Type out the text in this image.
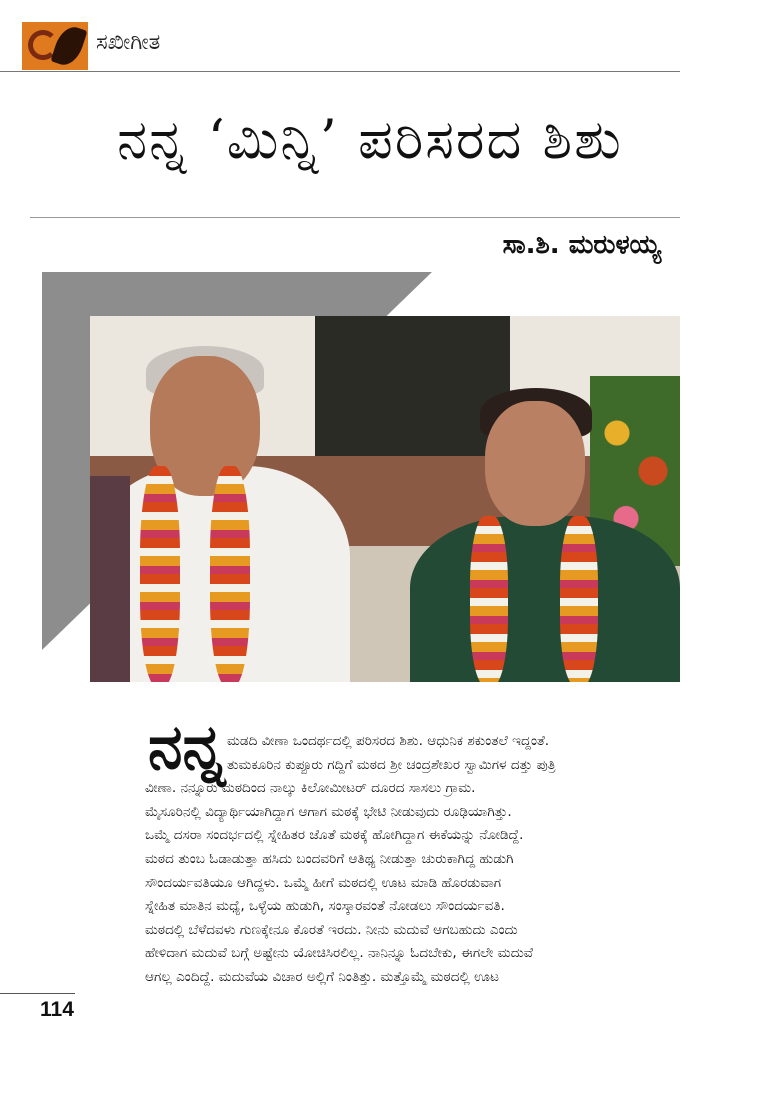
ಸಖೀಗೀತ
ನನ್ನ ‘ಮಿನ್ನಿ’ ಪರಿಸರದ ಶಿಶು
ಸಾ.ಶಿ. ಮರುಳಯ್ಯ
ನನ್ನ ಮಡದಿ ವೀಣಾ ಒಂದರ್ಥದಲ್ಲಿ ಪರಿಸರದ ಶಿಶು. ಆಧುನಿಕ ಶಕುಂತಲೆ ಇದ್ದಂತೆ.
ತುಮಕೂರಿನ ಕುಪ್ಪೂರು ಗದ್ದಿಗೆ ಮಠದ ಶ್ರೀ ಚಂದ್ರಶೇಖರ ಸ್ವಾಮಿಗಳ ದತ್ತು ಪುತ್ರಿ
ವೀಣಾ. ನನ್ನೂರು ಮಠದಿಂದ ನಾಲ್ಕು ಕಿಲೋಮೀಟರ್ ದೂರದ ಸಾಸಲು ಗ್ರಾಮ.
ಮೈಸೂರಿನಲ್ಲಿ ವಿದ್ಯಾರ್ಥಿಯಾಗಿದ್ದಾಗ ಆಗಾಗ ಮಠಕ್ಕೆ ಭೇಟಿ ನೀಡುವುದು ರೂಢಿಯಾಗಿತ್ತು.
ಒಮ್ಮೆ ದಸರಾ ಸಂದರ್ಭದಲ್ಲಿ ಸ್ನೇಹಿತರ ಜೊತೆ ಮಠಕ್ಕೆ ಹೋಗಿದ್ದಾಗ ಈಕೆಯನ್ನು ನೋಡಿದ್ದೆ.
ಮಠದ ತುಂಬ ಓಡಾಡುತ್ತಾ ಹಸಿದು ಬಂದವರಿಗೆ ಆತಿಥ್ಯ ನೀಡುತ್ತಾ ಚುರುಕಾಗಿದ್ದ ಹುಡುಗಿ
ಸೌಂದರ್ಯವತಿಯೂ ಆಗಿದ್ದಳು. ಒಮ್ಮೆ ಹೀಗೆ ಮಠದಲ್ಲಿ ಊಟ ಮಾಡಿ ಹೊರಡುವಾಗ
ಸ್ನೇಹಿತ ಮಾತಿನ ಮಧ್ಯೆ, ಒಳ್ಳೆಯ ಹುಡುಗಿ, ಸಂಸ್ಕಾರವಂತೆ ನೋಡಲು ಸೌಂದರ್ಯವತಿ.
ಮಠದಲ್ಲಿ ಬೆಳೆದವಳು ಗುಣಕ್ಕೇನೂ ಕೊರತೆ ಇರದು. ನೀನು ಮದುವೆ ಆಗಬಹುದು ಎಂದು
ಹೇಳಿದಾಗ ಮದುವೆ ಬಗ್ಗೆ ಅಷ್ಟೇನು ಯೋಚಿಸಿರಲಿಲ್ಲ. ನಾನಿನ್ನೂ ಓದಬೇಕು, ಈಗಲೇ ಮದುವೆ
ಆಗಲ್ಲ ಎಂದಿದ್ದೆ. ಮದುವೆಯ ವಿಚಾರ ಅಲ್ಲಿಗೆ ನಿಂತಿತ್ತು. ಮತ್ತೊಮ್ಮೆ ಮಠದಲ್ಲಿ ಊಟ
114
